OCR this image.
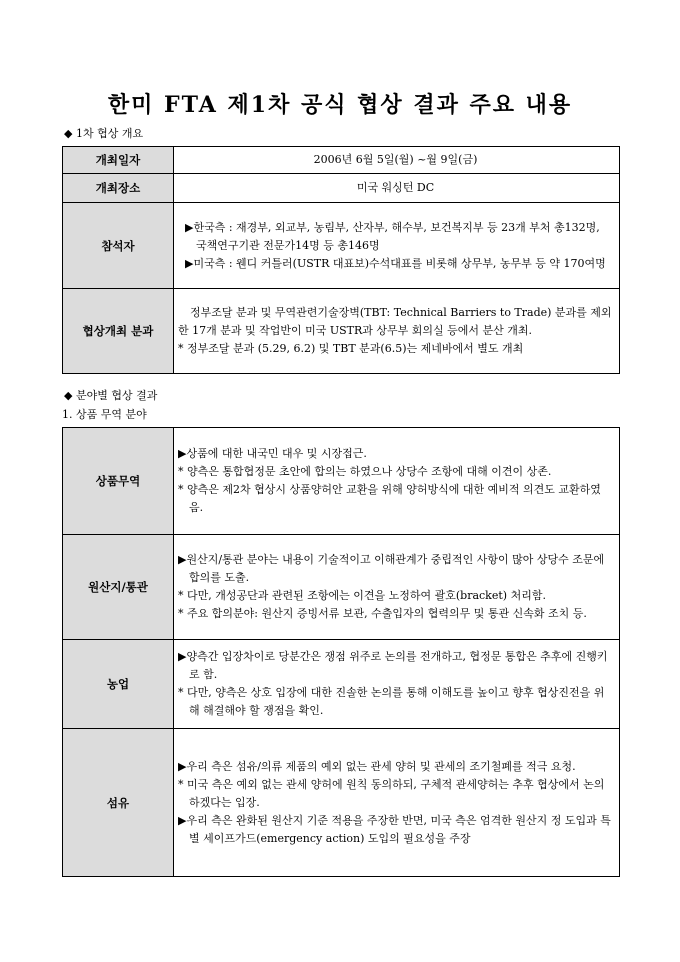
한미 FTA 제1차 공식 협상 결과 주요 내용
◆ 1차 협상 개요
개최일자	2006년 6월 5일(월) ~월 9일(금)
개최장소	미국 워싱턴 DC
참석자	▶한국측 : 재경부, 외교부, 농림부, 산자부, 해수부, 보건복지부 등 23개 부처 총132명, 국책연구기관 전문가14명 등 총146명
▶미국측 : 웬디 커틀러(USTR 대표보)수석대표를 비롯해 상무부, 농무부 등 약 170여명

협상개최 분과	정부조달 분과 및 무역관련기술장벽(TBT: Technical Barriers to Trade) 분과를 제외한 17개 분과 및 작업반이 미국 USTR과 상무부 회의실 등에서 분산 개최.
* 정부조달 분과 (5.29, 6.2) 및 TBT 분과(6.5)는 제네바에서 별도 개최
◆ 분야별 협상 결과
1. 상품 무역 분야
상품무역	▶상품에 대한 내국민 대우 및 시장접근.
* 양측은 통합협정문 초안에 합의는 하였으나 상당수 조항에 대해 이견이 상존.
* 양측은 제2차 협상시 상품양허안 교환을 위해 양허방식에 대한 예비적 의견도 교환하였음.

원산지/통관	▶원산지/통관 분야는 내용이 기술적이고 이해관계가 중립적인 사항이 많아 상당수 조문에 합의를 도출.
* 다만, 개성공단과 관련된 조항에는 이견을 노정하여 괄호(bracket) 처리함.
* 주요 합의분야: 원산지 증빙서류 보관, 수출입자의 협력의무 및 통관 신속화 조치 등.

농업	▶양측간 입장차이로 당분간은 쟁점 위주로 논의를 전개하고, 협정문 통합은 추후에 진행키로 함.
* 다만, 양측은 상호 입장에 대한 진솔한 논의를 통해 이해도를 높이고 향후 협상진전을 위해 해결해야 할 쟁점을 확인.

섬유	▶우리 측은 섬유/의류 제품의 예외 없는 관세 양허 및 관세의 조기철폐를 적극 요청.
* 미국 측은 예외 없는 관세 양허에 원칙 동의하되, 구체적 관세양허는 추후 협상에서 논의하겠다는 입장.
▶우리 측은 완화된 원산지 기준 적용을 주장한 반면, 미국 측은 엄격한 원산지 정 도입과 특별 세이프가드(emergency action) 도입의 필요성을 주장
